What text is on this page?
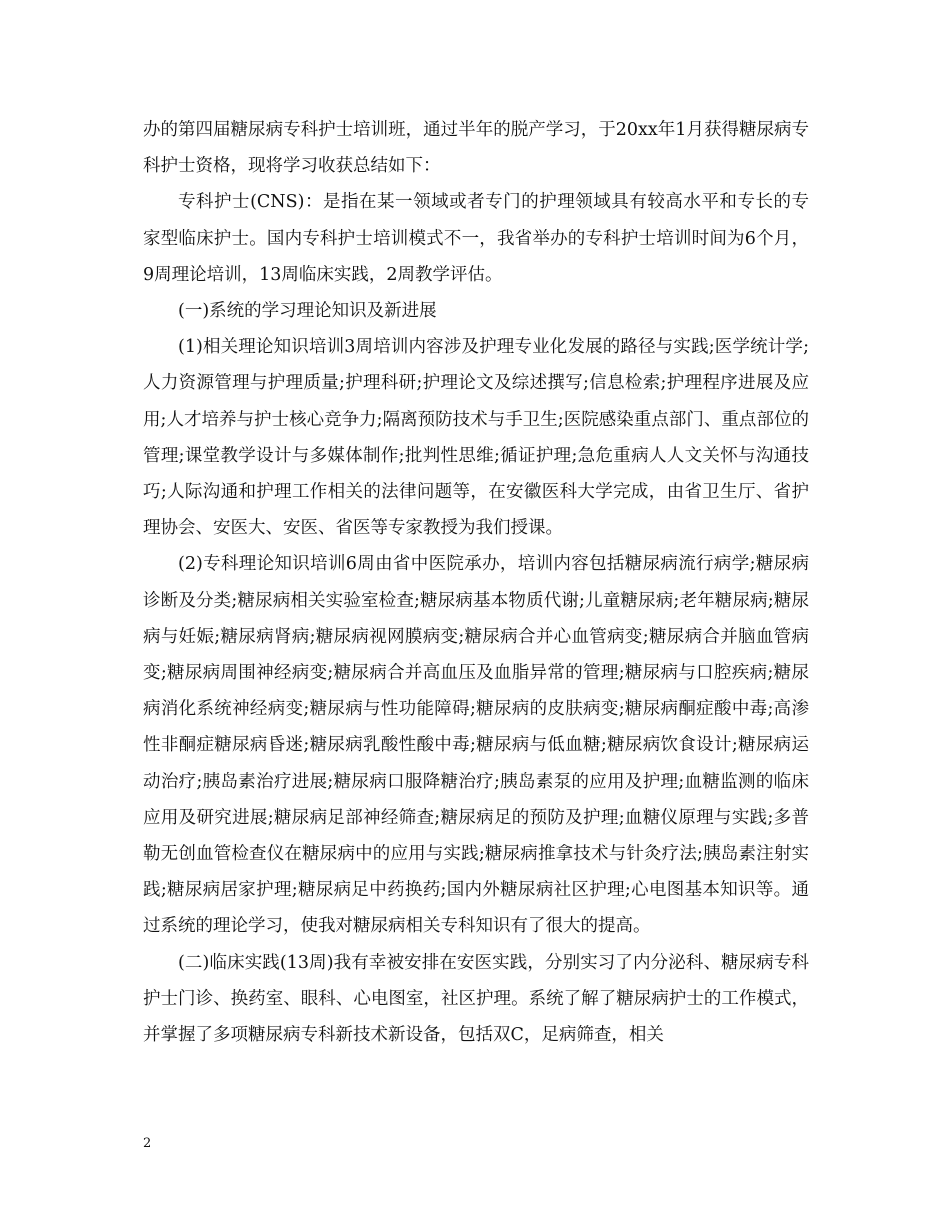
办的第四届糖尿病专科护士培训班，通过半年的脱产学习，于20xx年1月获得糖尿病专科护士资格，现将学习收获总结如下：

专科护士(CNS)：是指在某一领域或者专门的护理领域具有较高水平和专长的专家型临床护士。国内专科护士培训模式不一，我省举办的专科护士培训时间为6个月，9周理论培训，13周临床实践，2周教学评估。

(一)系统的学习理论知识及新进展

(1)相关理论知识培训3周培训内容涉及护理专业化发展的路径与实践;医学统计学;人力资源管理与护理质量;护理科研;护理论文及综述撰写;信息检索;护理程序进展及应用;人才培养与护士核心竞争力;隔离预防技术与手卫生;医院感染重点部门、重点部位的管理;课堂教学设计与多媒体制作;批判性思维;循证护理;急危重病人人文关怀与沟通技巧;人际沟通和护理工作相关的法律问题等，在安徽医科大学完成，由省卫生厅、省护理协会、安医大、安医、省医等专家教授为我们授课。

(2)专科理论知识培训6周由省中医院承办，培训内容包括糖尿病流行病学;糖尿病诊断及分类;糖尿病相关实验室检查;糖尿病基本物质代谢;儿童糖尿病;老年糖尿病;糖尿病与妊娠;糖尿病肾病;糖尿病视网膜病变;糖尿病合并心血管病变;糖尿病合并脑血管病变;糖尿病周围神经病变;糖尿病合并高血压及血脂异常的管理;糖尿病与口腔疾病;糖尿病消化系统神经病变;糖尿病与性功能障碍;糖尿病的皮肤病变;糖尿病酮症酸中毒;高渗性非酮症糖尿病昏迷;糖尿病乳酸性酸中毒;糖尿病与低血糖;糖尿病饮食设计;糖尿病运动治疗;胰岛素治疗进展;糖尿病口服降糖治疗;胰岛素泵的应用及护理;血糖监测的临床应用及研究进展;糖尿病足部神经筛查;糖尿病足的预防及护理;血糖仪原理与实践;多普勒无创血管检查仪在糖尿病中的应用与实践;糖尿病推拿技术与针灸疗法;胰岛素注射实践;糖尿病居家护理;糖尿病足中药换药;国内外糖尿病社区护理;心电图基本知识等。通过系统的理论学习，使我对糖尿病相关专科知识有了很大的提高。

(二)临床实践(13周)我有幸被安排在安医实践，分别实习了内分泌科、糖尿病专科护士门诊、换药室、眼科、心电图室，社区护理。系统了解了糖尿病护士的工作模式，并掌握了多项糖尿病专科新技术新设备，包括双C，足病筛查，相关

2
